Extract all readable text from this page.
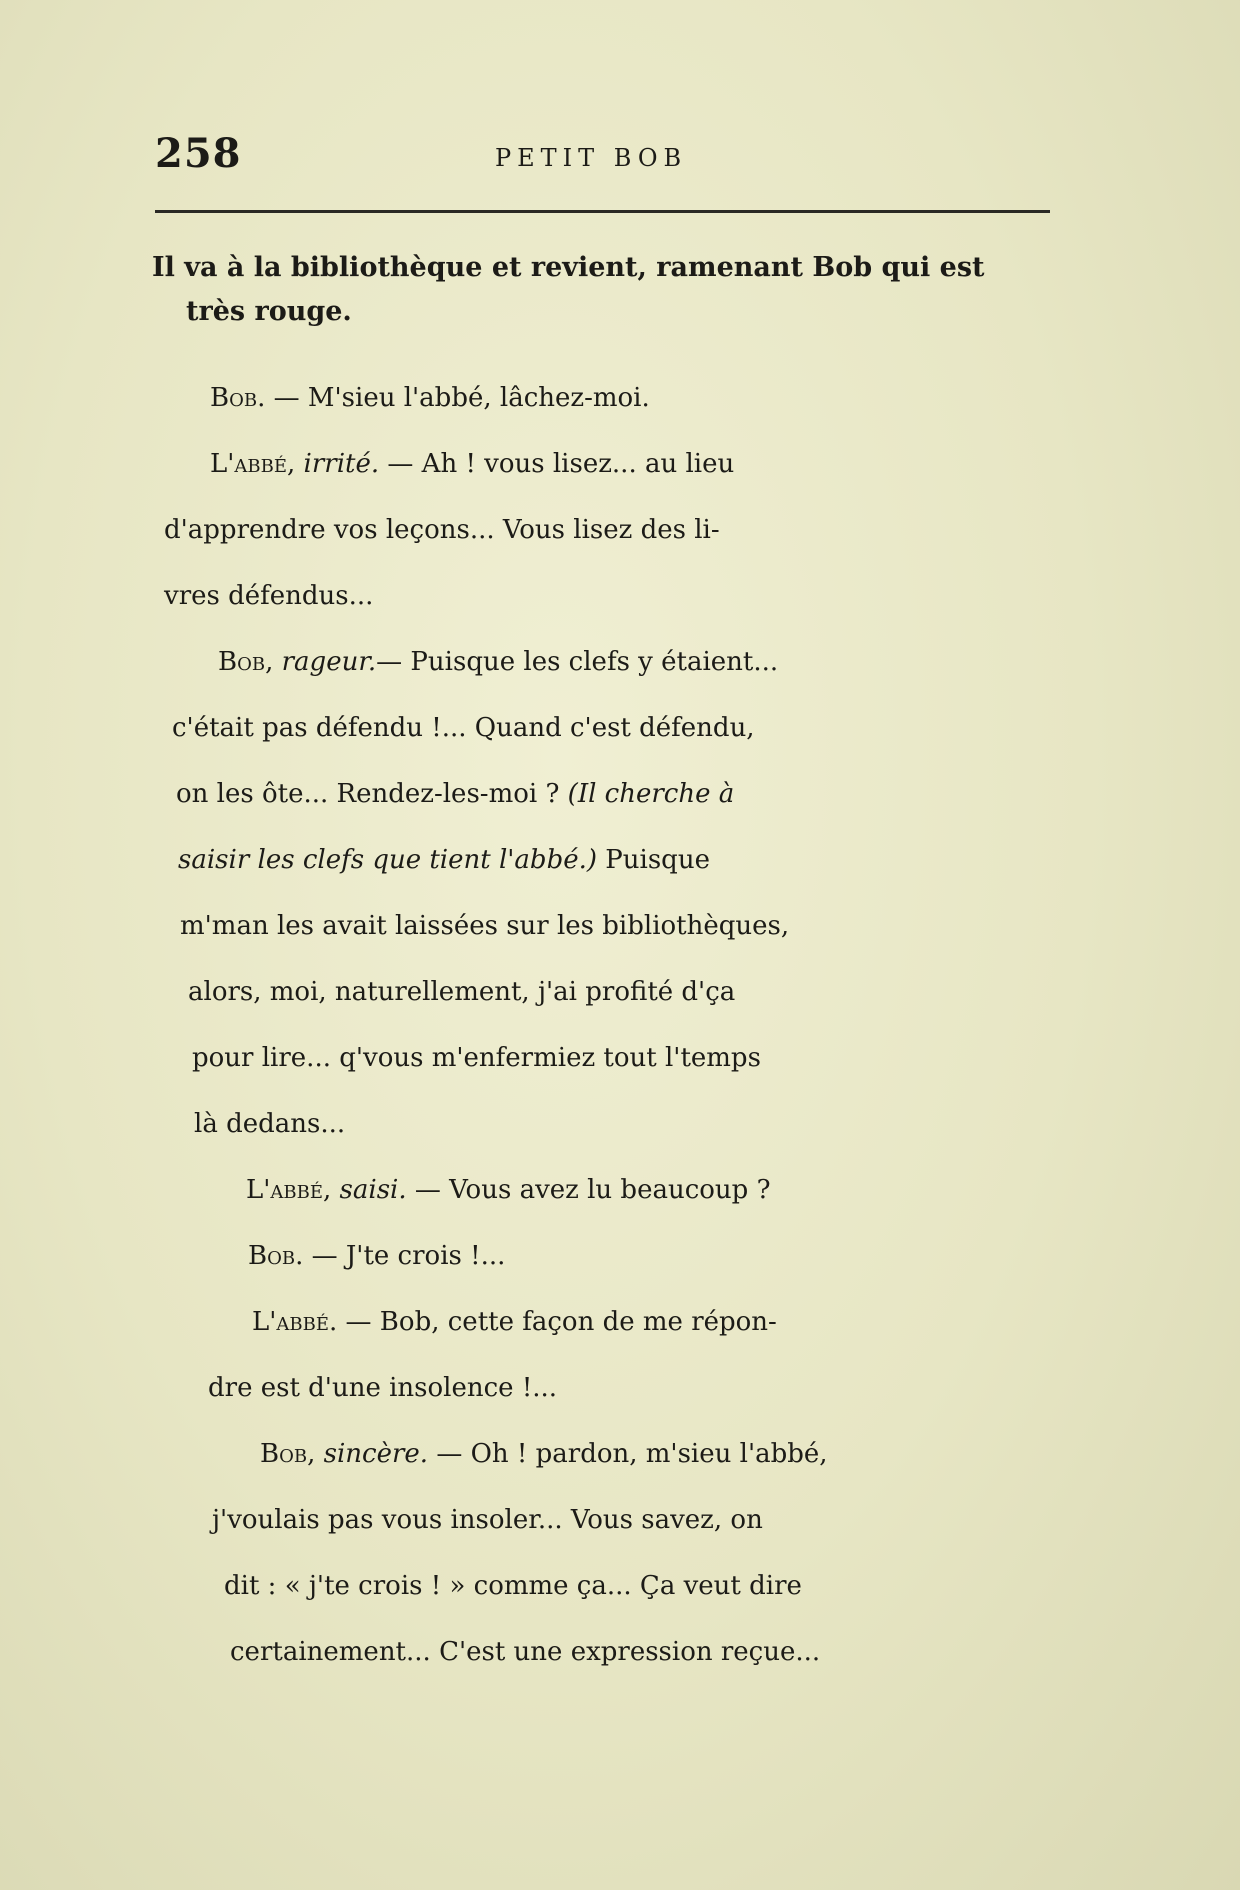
258	PETIT BOB
Il va à la bibliothèque et revient, ramenant Bob qui est
très rouge.
Bob. — M'sieu l'abbé, lâchez-moi.
L'abbé, irrité. — Ah ! vous lisez... au lieu
d'apprendre vos leçons... Vous lisez des li-
vres défendus...
Bob, rageur.— Puisque les clefs y étaient...
c'était pas défendu !... Quand c'est défendu,
on les ôte... Rendez-les-moi ? (Il cherche à
saisir les clefs que tient l'abbé.) Puisque
m'man les avait laissées sur les bibliothèques,
alors, moi, naturellement, j'ai profité d'ça
pour lire... q'vous m'enfermiez tout l'temps
là dedans...
L'abbé, saisi. — Vous avez lu beaucoup ?
Bob. — J'te crois !...
L'abbé. — Bob, cette façon de me répon-
dre est d'une insolence !...
Bob, sincère. — Oh ! pardon, m'sieu l'abbé,
j'voulais pas vous insoler... Vous savez, on
dit : « j'te crois ! » comme ça... Ça veut dire
certainement... C'est une expression reçue...
